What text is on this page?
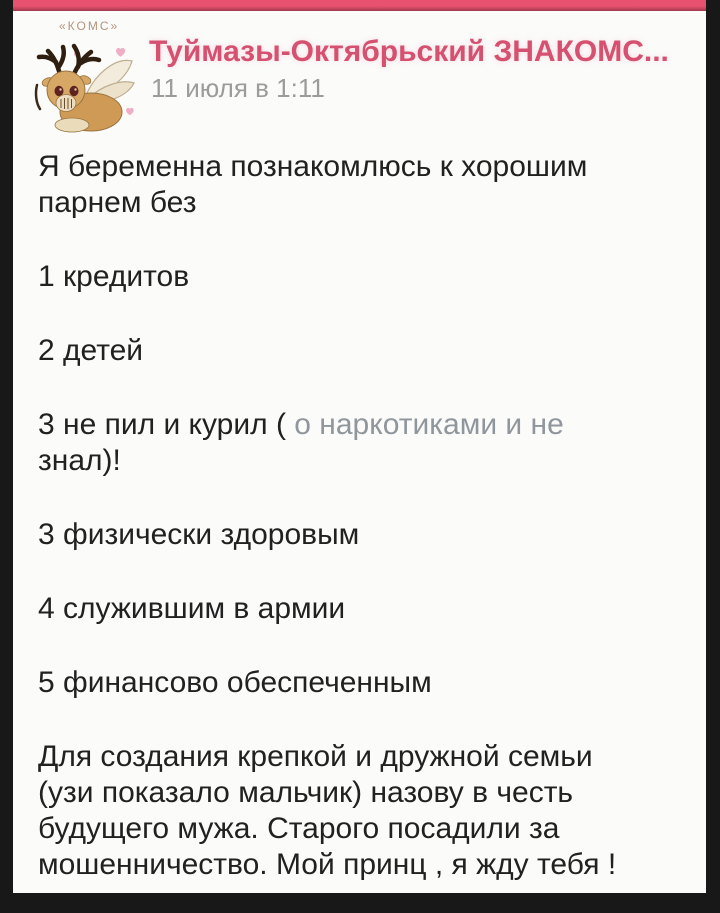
«КОМС»
Туймазы-Октябрьский ЗНАКОМС...
11 июля в 1:11
Я беременна познакомлюсь к хорошим
парнем без
1 кредитов
2 детей
3 не пил и курил ( о наркотиками и не
знал)!
3 физически здоровым
4 служившим в армии
5 финансово обеспеченным
Для создания крепкой и дружной семьи
(узи показало мальчик) назову в честь
будущего мужа. Старого посадили за
мошенничество. Мой принц , я жду тебя !
